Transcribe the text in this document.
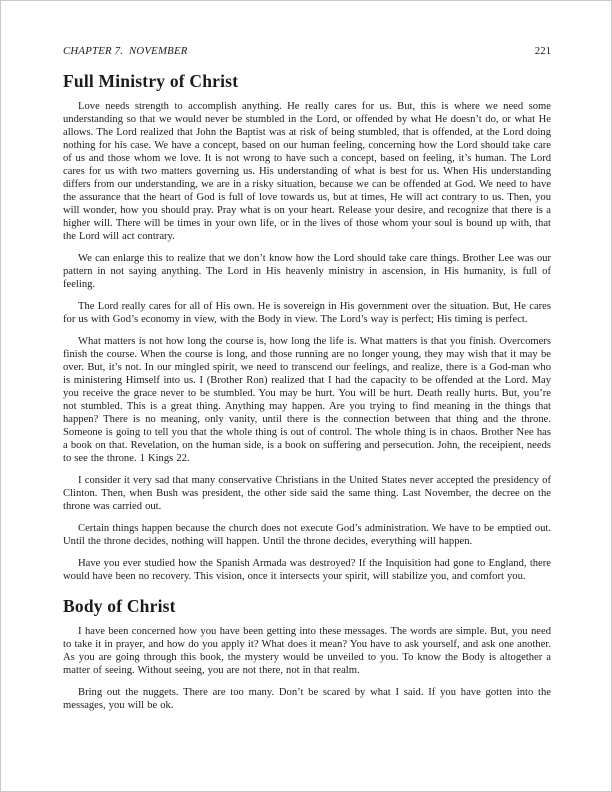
CHAPTER 7.  NOVEMBER	221
Full Ministry of Christ

Love needs strength to accomplish anything. He really cares for us. But, this is where we need some understanding so that we would never be stumbled in the Lord, or offended by what He doesn’t do, or what He allows. The Lord realized that John the Baptist was at risk of being stumbled, that is offended, at the Lord doing nothing for his case. We have a concept, based on our human feeling, concerning how the Lord should take care of us and those whom we love. It is not wrong to have such a concept, based on feeling, it’s human. The Lord cares for us with two matters governing us. His understanding of what is best for us. When His understanding differs from our understanding, we are in a risky situation, because we can be offended at God. We need to have the assurance that the heart of God is full of love towards us, but at times, He will act contrary to us. Then, you will wonder, how you should pray. Pray what is on your heart. Release your desire, and recognize that there is a higher will. There will be times in your own life, or in the lives of those whom your soul is bound up with, that the Lord will act contrary.

We can enlarge this to realize that we don’t know how the Lord should take care things. Brother Lee was our pattern in not saying anything. The Lord in His heavenly ministry in ascension, in His humanity, is full of feeling.

The Lord really cares for all of His own. He is sovereign in His government over the situation. But, He cares for us with God’s economy in view, with the Body in view. The Lord’s way is perfect; His timing is perfect.

What matters is not how long the course is, how long the life is. What matters is that you finish. Overcomers finish the course. When the course is long, and those running are no longer young, they may wish that it may be over. But, it’s not. In our mingled spirit, we need to transcend our feelings, and realize, there is a God-man who is ministering Himself into us. I (Brother Ron) realized that I had the capacity to be offended at the Lord. May you receive the grace never to be stumbled. You may be hurt. You will be hurt. Death really hurts. But, you’re not stumbled. This is a great thing. Anything may happen. Are you trying to find meaning in the things that happen? There is no meaning, only vanity, until there is the connection between that thing and the throne. Someone is going to tell you that the whole thing is out of control. The whole thing is in chaos. Brother Nee has a book on that. Revelation, on the human side, is a book on suffering and persecution. John, the receipient, needs to see the throne. 1 Kings 22.

I consider it very sad that many conservative Christians in the United States never accepted the presidency of Clinton. Then, when Bush was president, the other side said the same thing. Last November, the decree on the throne was carried out.

Certain things happen because the church does not execute God’s administration. We have to be emptied out. Until the throne decides, nothing will happen. Until the throne decides, everything will happen.

Have you ever studied how the Spanish Armada was destroyed? If the Inquisition had gone to England, there would have been no recovery. This vision, once it intersects your spirit, will stabilize you, and comfort you.

Body of Christ

I have been concerned how you have been getting into these messages. The words are simple. But, you need to take it in prayer, and how do you apply it? What does it mean? You have to ask yourself, and ask one another. As you are going through this book, the mystery would be unveiled to you. To know the Body is altogether a matter of seeing. Without seeing, you are not there, not in that realm.

Bring out the nuggets. There are too many. Don’t be scared by what I said. If you have gotten into the messages, you will be ok.
